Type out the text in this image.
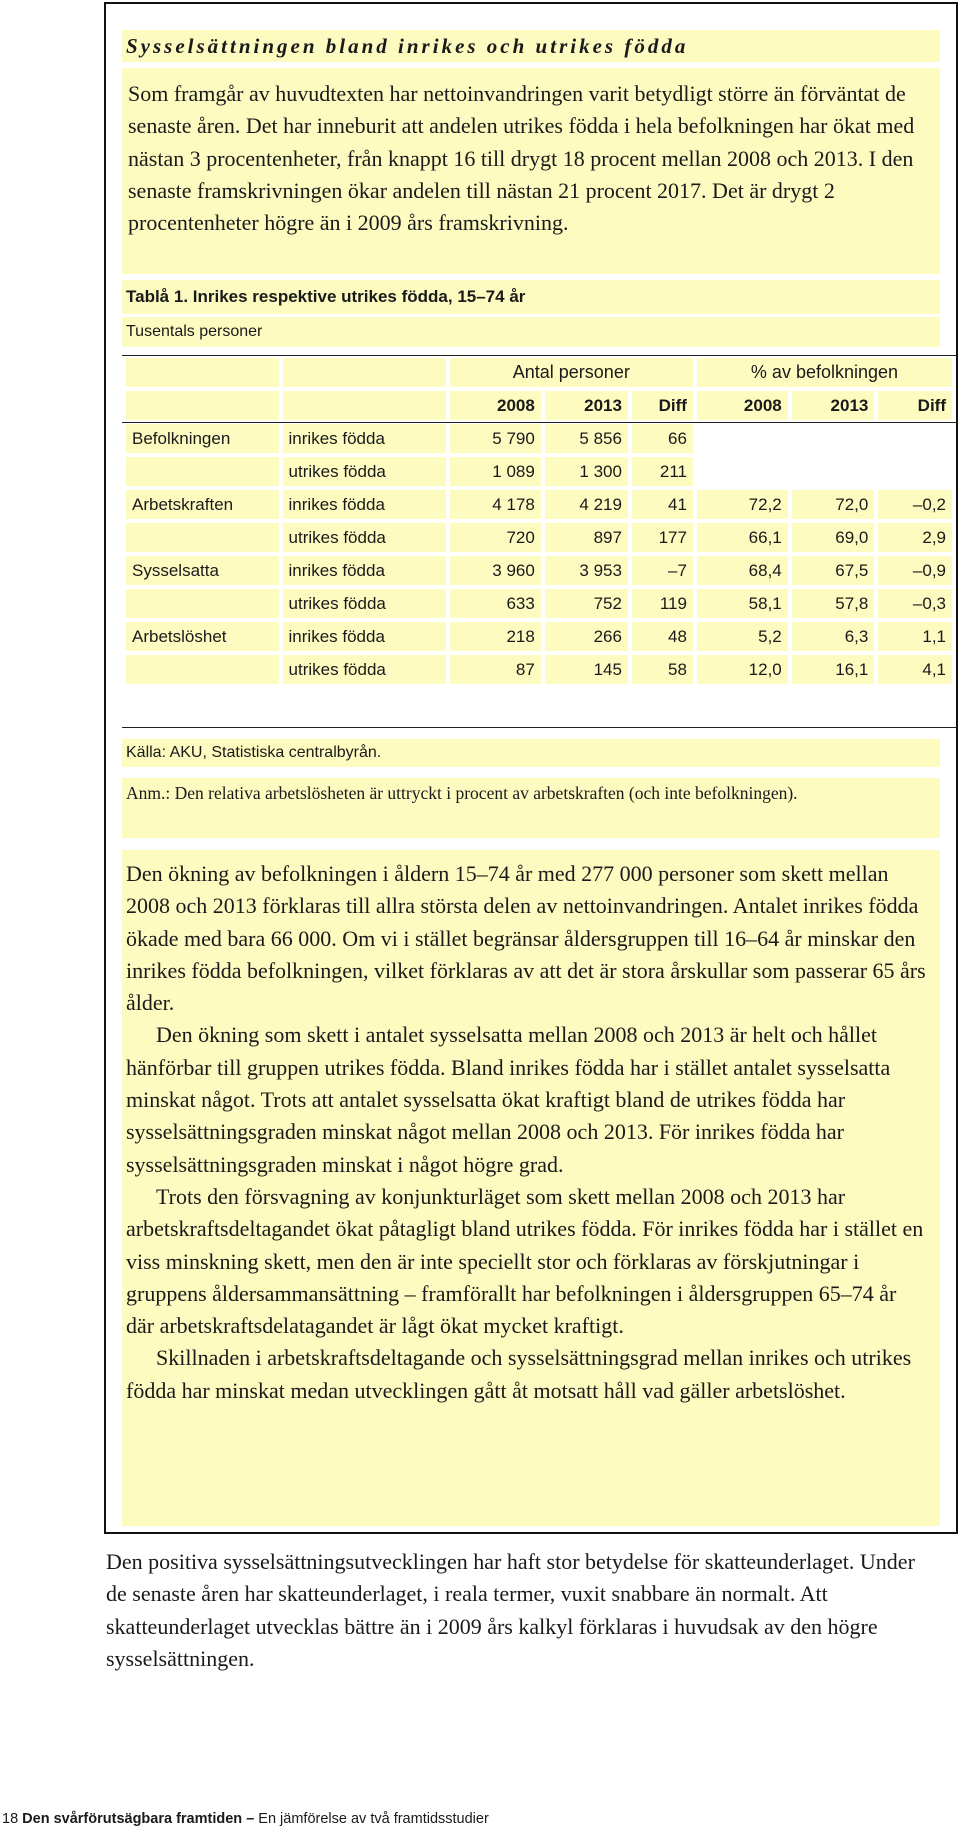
Sysselsättningen bland inrikes och utrikes födda
Som framgår av huvudtexten har nettoinvandringen varit betydligt större än förväntat de senaste åren. Det har inneburit att andelen utrikes födda i hela befolkningen har ökat med nästan 3 procentenheter, från knappt 16 till drygt 18 procent mellan 2008 och 2013. I den senaste framskrivningen ökar andelen till nästan 21 procent 2017. Det är drygt 2 procentenheter högre än i 2009 års framskrivning.
Tablå 1. Inrikes respektive utrikes födda, 15–74 år
Tusentals personer
		Antal personer			% av befolkningen		
		2008	2013	Diff	2008	2013	Diff
Befolkningen	inrikes födda	5 790	5 856	66			
	utrikes födda	1 089	1 300	211			
Arbetskraften	inrikes födda	4 178	4 219	41	72,2	72,0	–0,2
	utrikes födda	720	897	177	66,1	69,0	2,9
Sysselsatta	inrikes födda	3 960	3 953	–7	68,4	67,5	–0,9
	utrikes födda	633	752	119	58,1	57,8	–0,3
Arbetslöshet	inrikes födda	218	266	48	5,2	6,3	1,1
	utrikes födda	87	145	58	12,0	16,1	4,1
Källa: AKU, Statistiska centralbyrån.
Anm.: Den relativa arbetslösheten är uttryckt i procent av arbetskraften (och inte befolkningen).

Den ökning av befolkningen i åldern 15–74 år med 277 000 personer som skett mellan 2008 och 2013 förklaras till allra största delen av nettoinvandringen. Antalet inrikes födda ökade med bara 66 000. Om vi i stället begränsar åldersgruppen till 16–64 år minskar den inrikes födda befolkningen, vilket förklaras av att det är stora årskullar som passerar 65 års ålder.

Den ökning som skett i antalet sysselsatta mellan 2008 och 2013 är helt och hållet hänförbar till gruppen utrikes födda. Bland inrikes födda har i stället antalet sysselsatta minskat något. Trots att antalet sysselsatta ökat kraftigt bland de utrikes födda har sysselsättningsgraden minskat något mellan 2008 och 2013. För inrikes födda har sysselsättningsgraden minskat i något högre grad.

Trots den försvagning av konjunkturläget som skett mellan 2008 och 2013 har arbetskraftsdeltagandet ökat påtagligt bland utrikes födda. För inrikes födda har i stället en viss minskning skett, men den är inte speciellt stor och förklaras av förskjutningar i gruppens åldersammansättning – framförallt har befolkningen i åldersgruppen 65–74 år där arbetskraftsdelatagandet är lågt ökat mycket kraftigt.

Skillnaden i arbetskraftsdeltagande och sysselsättningsgrad mellan inrikes och utrikes födda har minskat medan utvecklingen gått åt motsatt håll vad gäller arbetslöshet.

Den positiva sysselsättningsutvecklingen har haft stor betydelse för skatteunderlaget. Under de senaste åren har skatteunderlaget, i reala termer, vuxit snabbare än normalt. Att skatteunderlaget utvecklas bättre än i 2009 års kalkyl förklaras i huvudsak av den högre sysselsättningen.

18 Den svårförutsägbara framtiden – En jämförelse av två framtidsstudier
